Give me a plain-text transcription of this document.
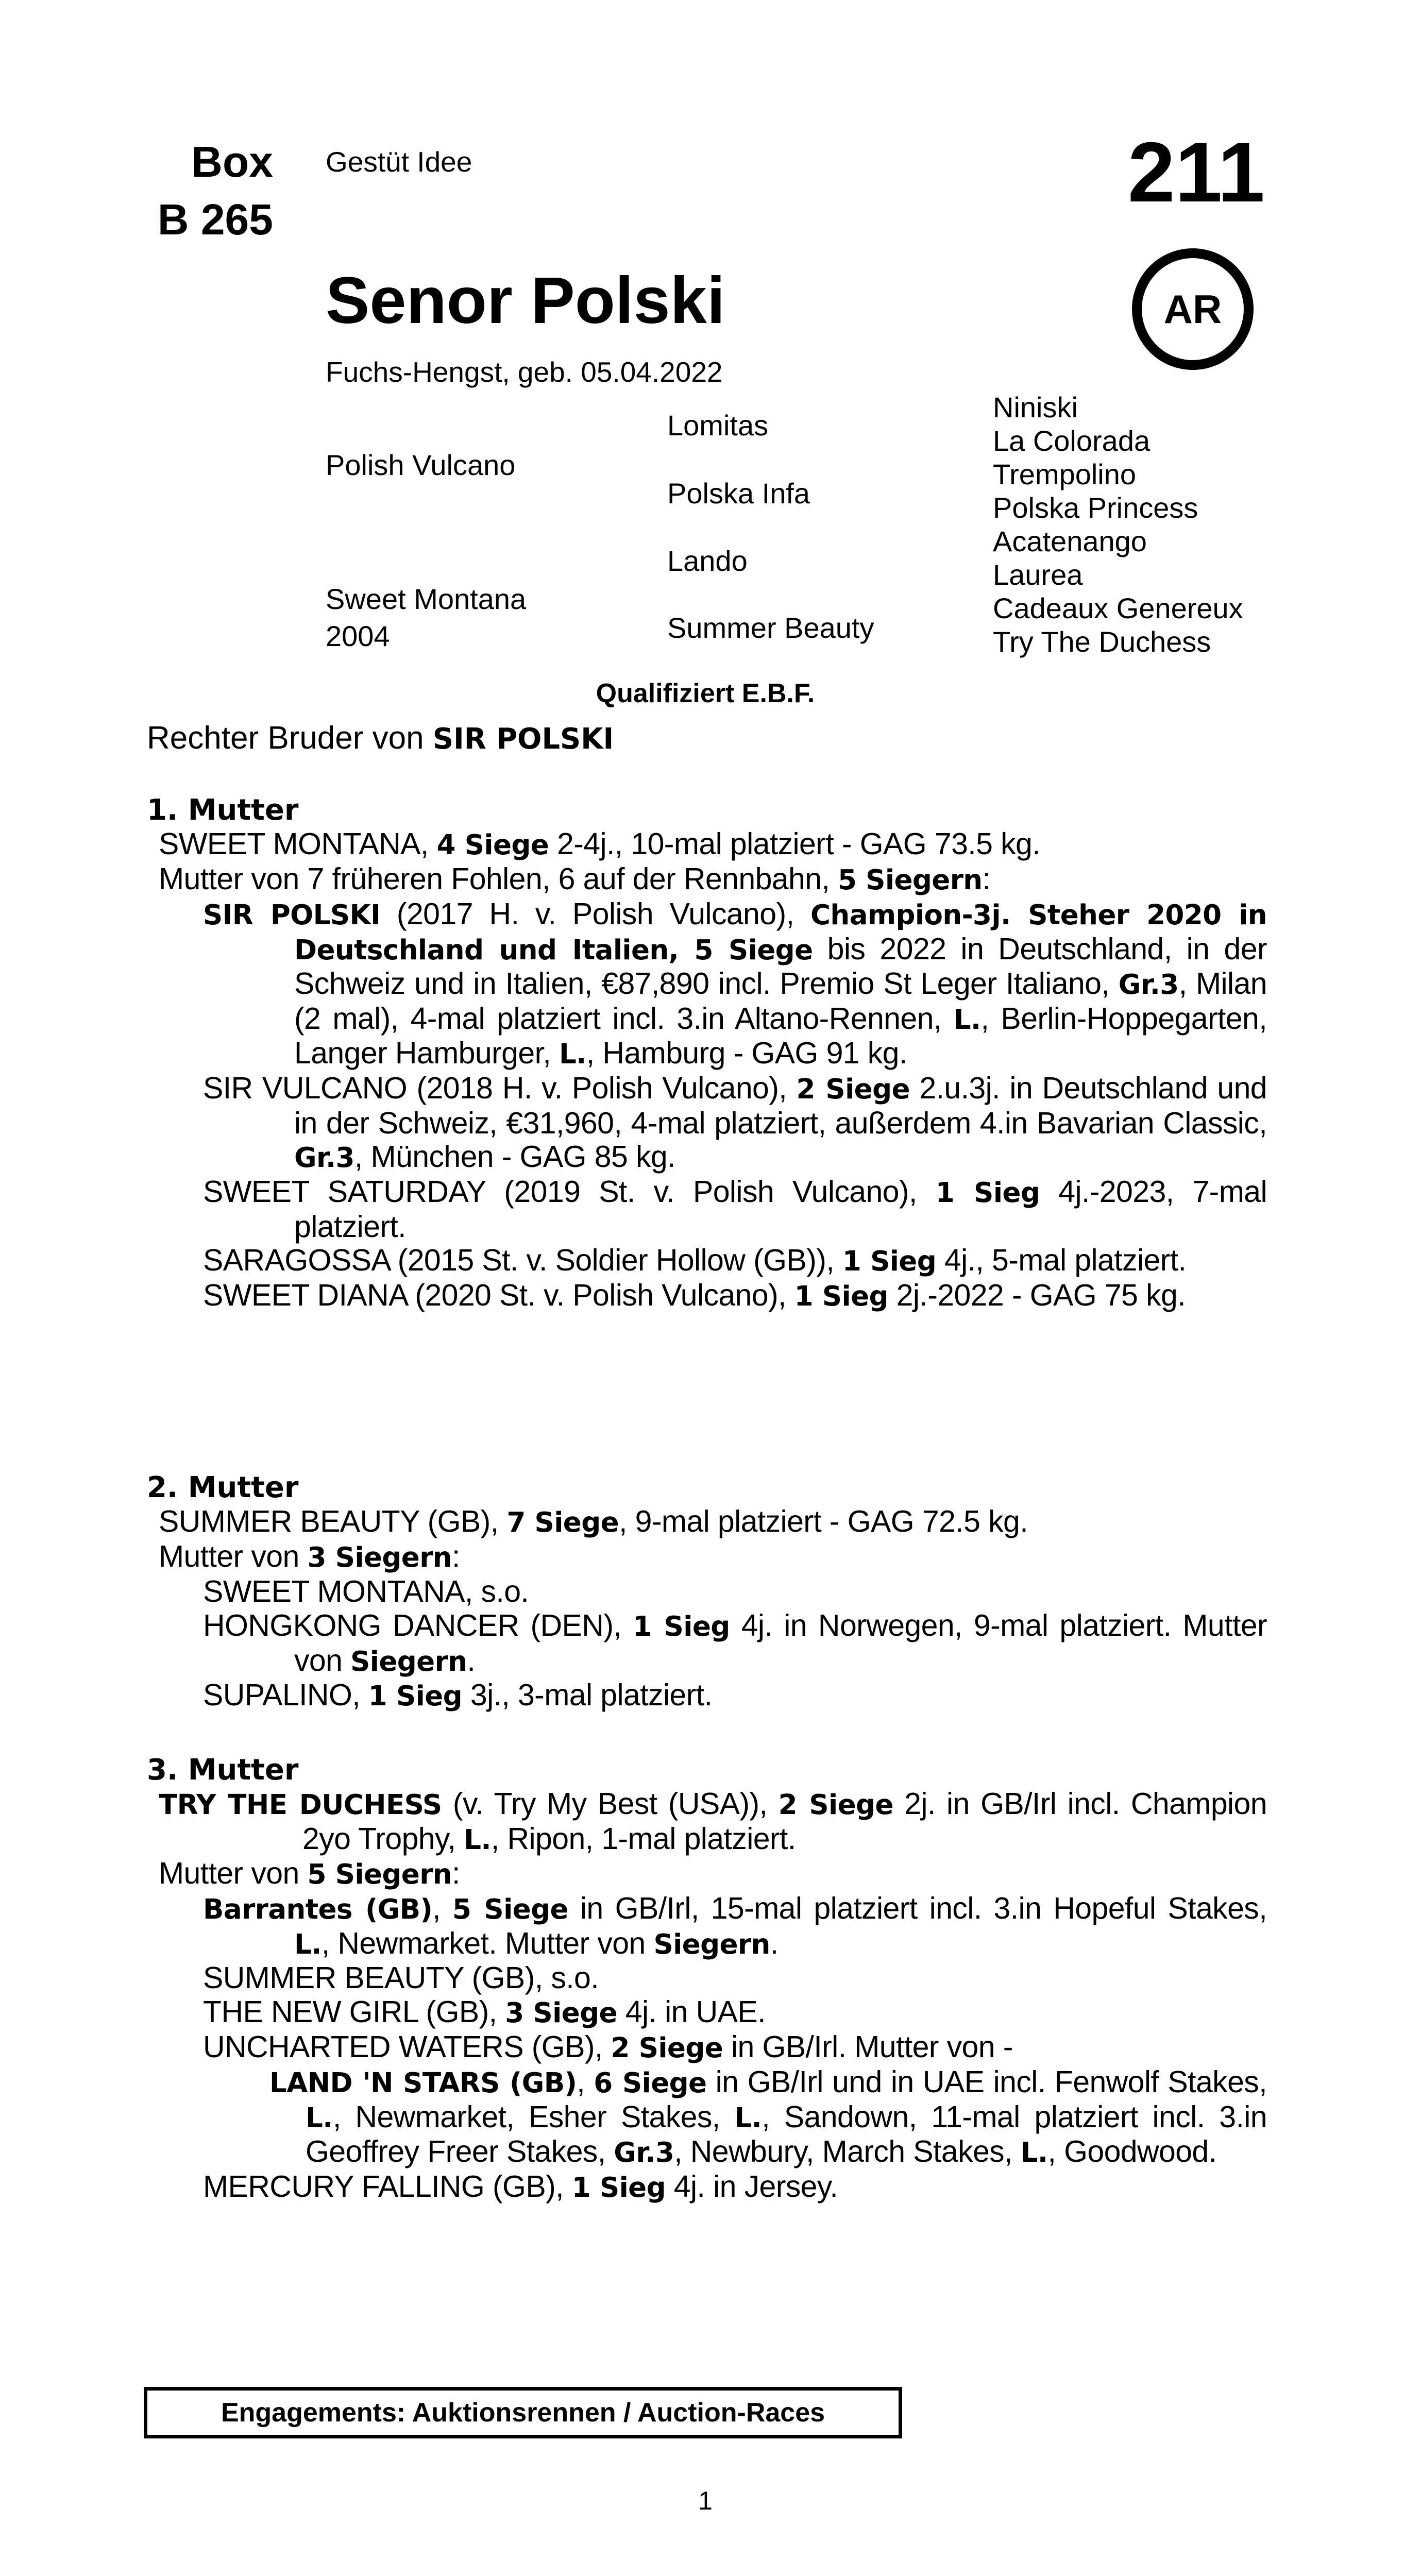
Box
B 265
Gestüt Idee	211
AR
Senor Polski
Fuchs-Hengst, geb. 05.04.2022
Polish Vulcano
Sweet Montana
2004
Lomitas
Polska Infa
Lando
Summer Beauty
Niniski
La Colorada
Trempolino
Polska Princess
Acatenango
Laurea
Cadeaux Genereux
Try The Duchess
Qualifiziert E.B.F.
Rechter Bruder von SIR POLSKI
1. Mutter
SWEET MONTANA, 4 Siege 2-4j., 10-mal platziert - GAG 73.5 kg.
Mutter von 7 früheren Fohlen, 6 auf der Rennbahn, 5 Siegern:
SIR POLSKI (2017 H. v. Polish Vulcano), Champion-3j. Steher 2020 in Deutschland und Italien, 5 Siege bis 2022 in Deutschland, in der Schweiz und in Italien, €87,890 incl. Premio St Leger Italiano, Gr.3, Milan (2 mal), 4-mal platziert incl. 3.in Altano-Rennen, L., Berlin-Hoppegarten, Langer Hamburger, L., Hamburg - GAG 91 kg.
SIR VULCANO (2018 H. v. Polish Vulcano), 2 Siege 2.u.3j. in Deutschland und in der Schweiz, €31,960, 4-mal platziert, außerdem 4.in Bavarian Classic, Gr.3, München - GAG 85 kg.
SWEET SATURDAY (2019 St. v. Polish Vulcano), 1 Sieg 4j.-2023, 7-mal platziert.
SARAGOSSA (2015 St. v. Soldier Hollow (GB)), 1 Sieg 4j., 5-mal platziert.
SWEET DIANA (2020 St. v. Polish Vulcano), 1 Sieg 2j.-2022 - GAG 75 kg.
2. Mutter
SUMMER BEAUTY (GB), 7 Siege, 9-mal platziert - GAG 72.5 kg.
Mutter von 3 Siegern:
SWEET MONTANA, s.o.
HONGKONG DANCER (DEN), 1 Sieg 4j. in Norwegen, 9-mal platziert. Mutter von Siegern.
SUPALINO, 1 Sieg 3j., 3-mal platziert.
3. Mutter
TRY THE DUCHESS (v. Try My Best (USA)), 2 Siege 2j. in GB/Irl incl. Champion 2yo Trophy, L., Ripon, 1-mal platziert.
Mutter von 5 Siegern:
Barrantes (GB), 5 Siege in GB/Irl, 15-mal platziert incl. 3.in Hopeful Stakes, L., Newmarket. Mutter von Siegern.
SUMMER BEAUTY (GB), s.o.
THE NEW GIRL (GB), 3 Siege 4j. in UAE.
UNCHARTED WATERS (GB), 2 Siege in GB/Irl. Mutter von -
LAND 'N STARS (GB), 6 Siege in GB/Irl und in UAE incl. Fenwolf Stakes, L., Newmarket, Esher Stakes, L., Sandown, 11-mal platziert incl. 3.in Geoffrey Freer Stakes, Gr.3, Newbury, March Stakes, L., Goodwood.
MERCURY FALLING (GB), 1 Sieg 4j. in Jersey.
Engagements: Auktionsrennen / Auction-Races
1
